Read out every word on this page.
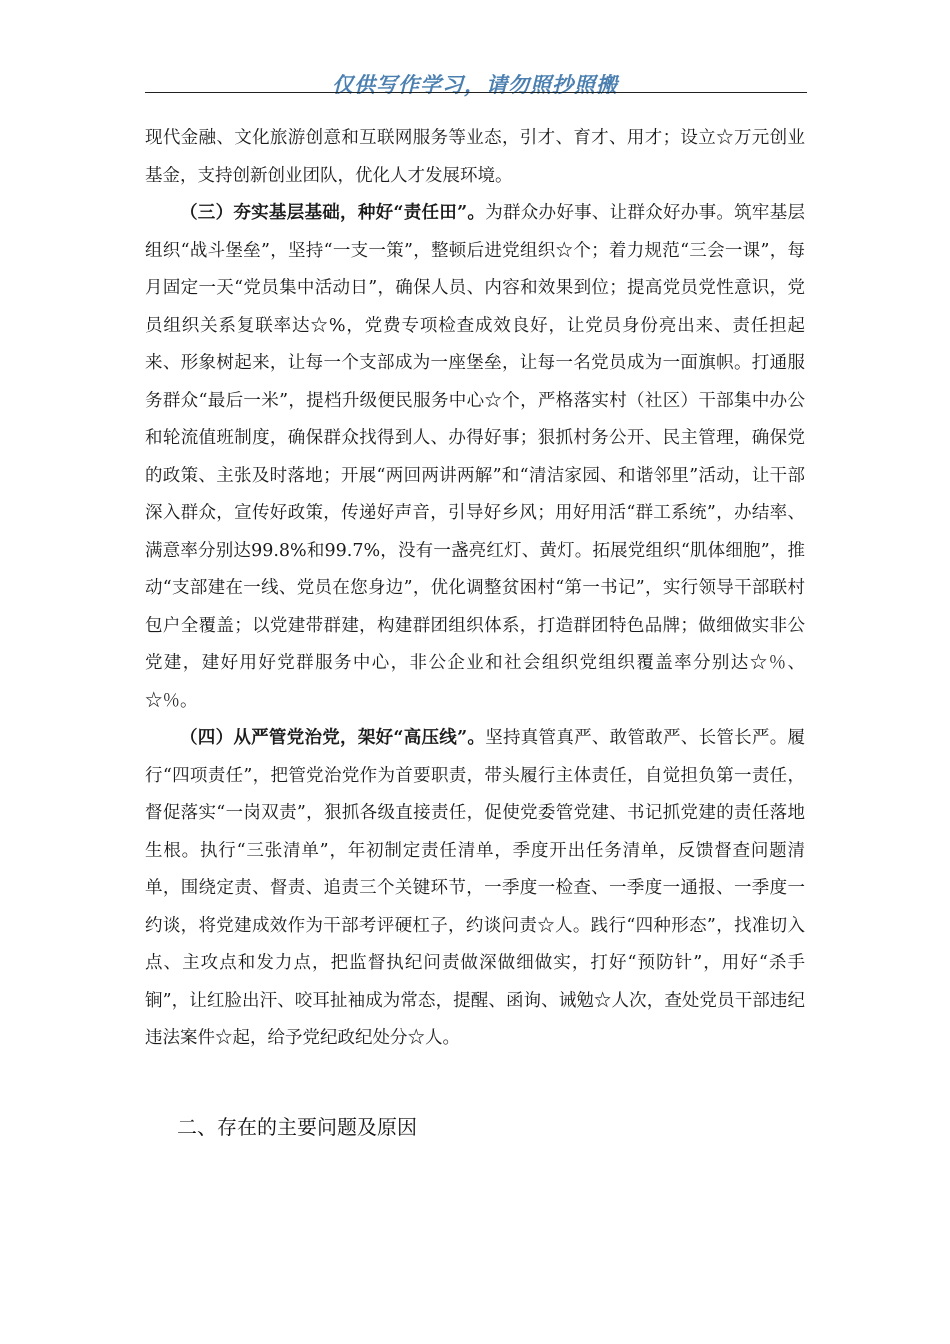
仅供写作学习，请勿照抄照搬

现代金融、文化旅游创意和互联网服务等业态，引才、育才、用才；设立☆万元创业基金，支持创新创业团队，优化人才发展环境。

（三）夯实基层基础，种好“责任田”。为群众办好事、让群众好办事。筑牢基层组织“战斗堡垒”，坚持“一支一策”，整顿后进党组织☆个；着力规范“三会一课”，每月固定一天“党员集中活动日”，确保人员、内容和效果到位；提高党员党性意识，党员组织关系复联率达☆%，党费专项检查成效良好，让党员身份亮出来、责任担起来、形象树起来，让每一个支部成为一座堡垒，让每一名党员成为一面旗帜。打通服务群众“最后一米”，提档升级便民服务中心☆个，严格落实村（社区）干部集中办公和轮流值班制度，确保群众找得到人、办得好事；狠抓村务公开、民主管理，确保党的政策、主张及时落地；开展“两回两讲两解”和“清洁家园、和谐邻里”活动，让干部深入群众，宣传好政策，传递好声音，引导好乡风；用好用活“群工系统”，办结率、满意率分别达99.8%和99.7%，没有一盏亮红灯、黄灯。拓展党组织“肌体细胞”，推动“支部建在一线、党员在您身边”，优化调整贫困村“第一书记”，实行领导干部联村包户全覆盖；以党建带群建，构建群团组织体系，打造群团特色品牌；做细做实非公党建，建好用好党群服务中心，非公企业和社会组织党组织覆盖率分别达☆％、☆％。

（四）从严管党治党，架好“高压线”。坚持真管真严、敢管敢严、长管长严。履行“四项责任”，把管党治党作为首要职责，带头履行主体责任，自觉担负第一责任，督促落实“一岗双责”，狠抓各级直接责任，促使党委管党建、书记抓党建的责任落地生根。执行“三张清单”，年初制定责任清单，季度开出任务清单，反馈督查问题清单，围绕定责、督责、追责三个关键环节，一季度一检查、一季度一通报、一季度一约谈，将党建成效作为干部考评硬杠子，约谈问责☆人。践行“四种形态”，找准切入点、主攻点和发力点，把监督执纪问责做深做细做实，打好“预防针”，用好“杀手锏”，让红脸出汗、咬耳扯袖成为常态，提醒、函询、诫勉☆人次，查处党员干部违纪违法案件☆起，给予党纪政纪处分☆人。

二、存在的主要问题及原因
